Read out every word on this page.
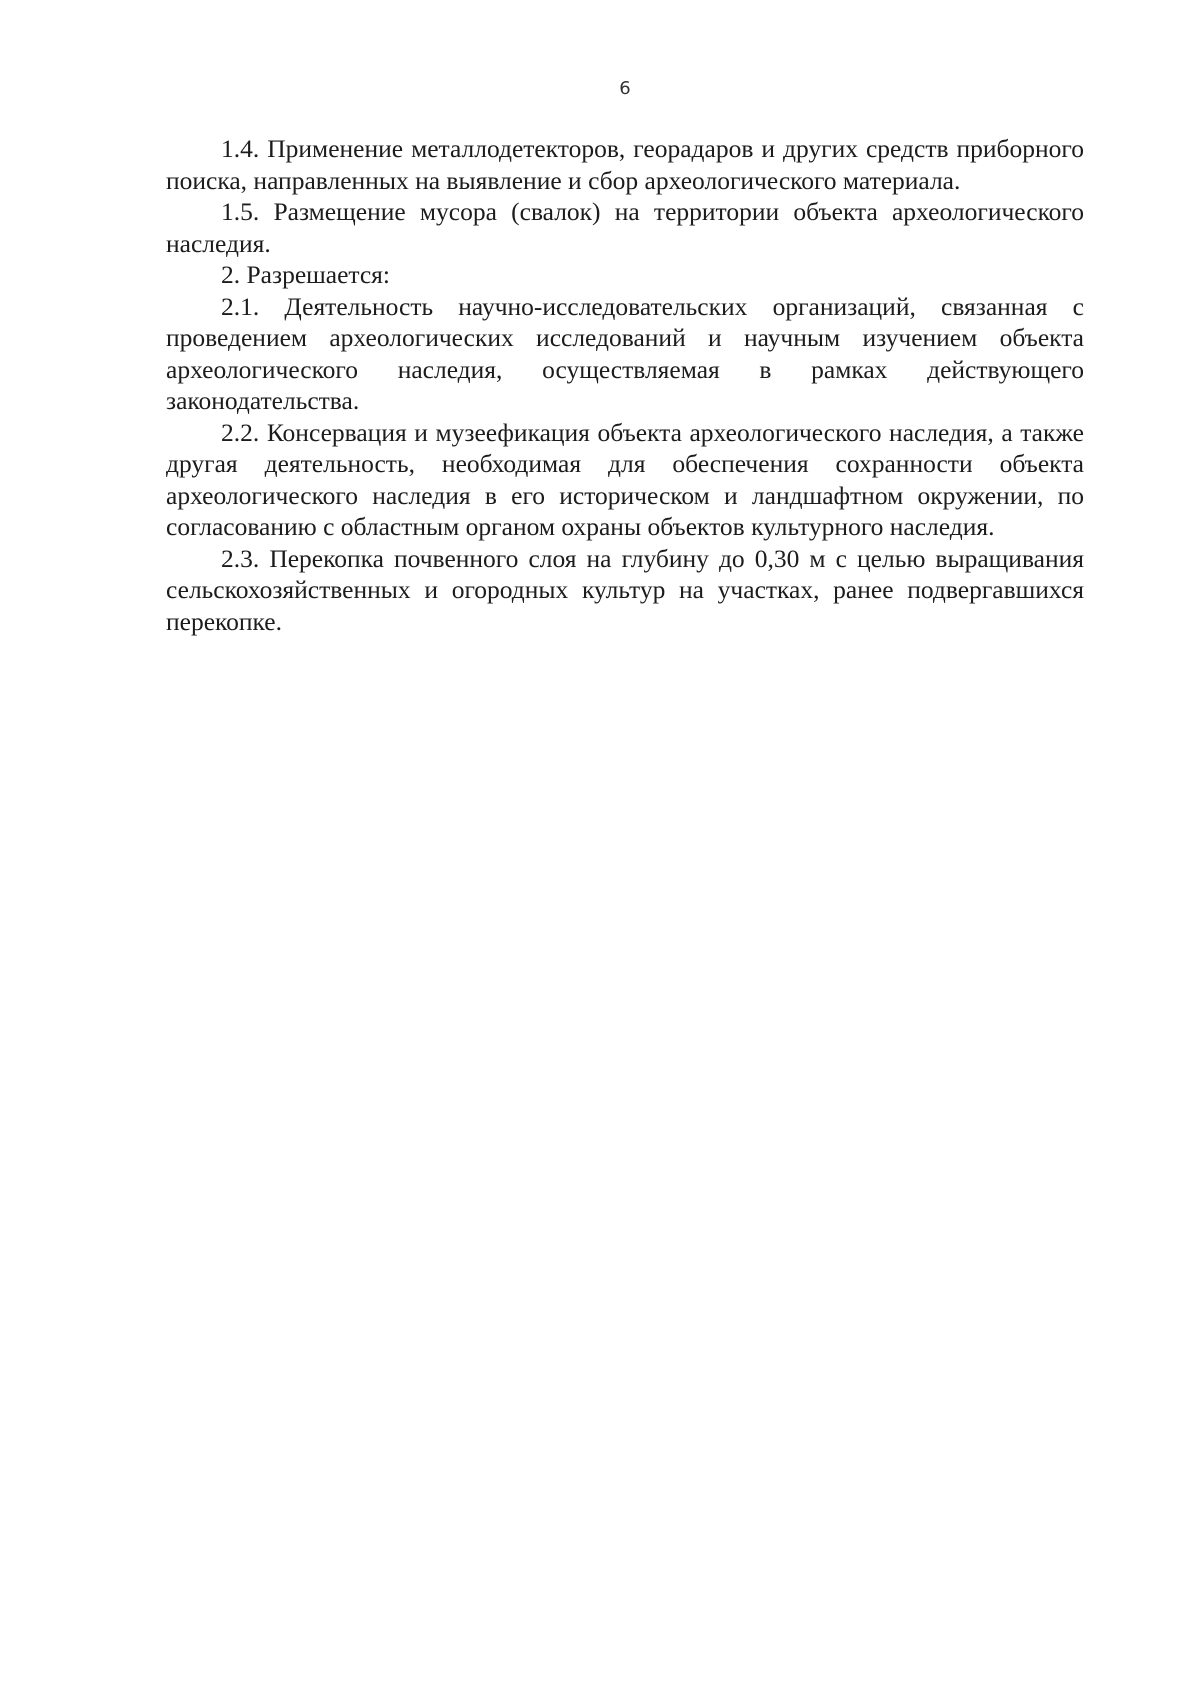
6

1.4. Применение металлодетекторов, георадаров и других средств приборного поиска, направленных на выявление и сбор археологического материала.

1.5. Размещение мусора (свалок) на территории объекта археологического наследия.

2. Разрешается:

2.1. Деятельность научно-исследовательских организаций, связанная с проведением археологических исследований и научным изучением объекта археологического наследия, осуществляемая в рамках действующего законодательства.

2.2. Консервация и музеефикация объекта археологического наследия, а также другая деятельность, необходимая для обеспечения сохранности объекта археологического наследия в его историческом и ландшафтном окружении, по согласованию с областным органом охраны объектов культурного наследия.

2.3. Перекопка почвенного слоя на глубину до 0,30 м с целью выращивания сельскохозяйственных и огородных культур на участках, ранее подвергавшихся перекопке.
